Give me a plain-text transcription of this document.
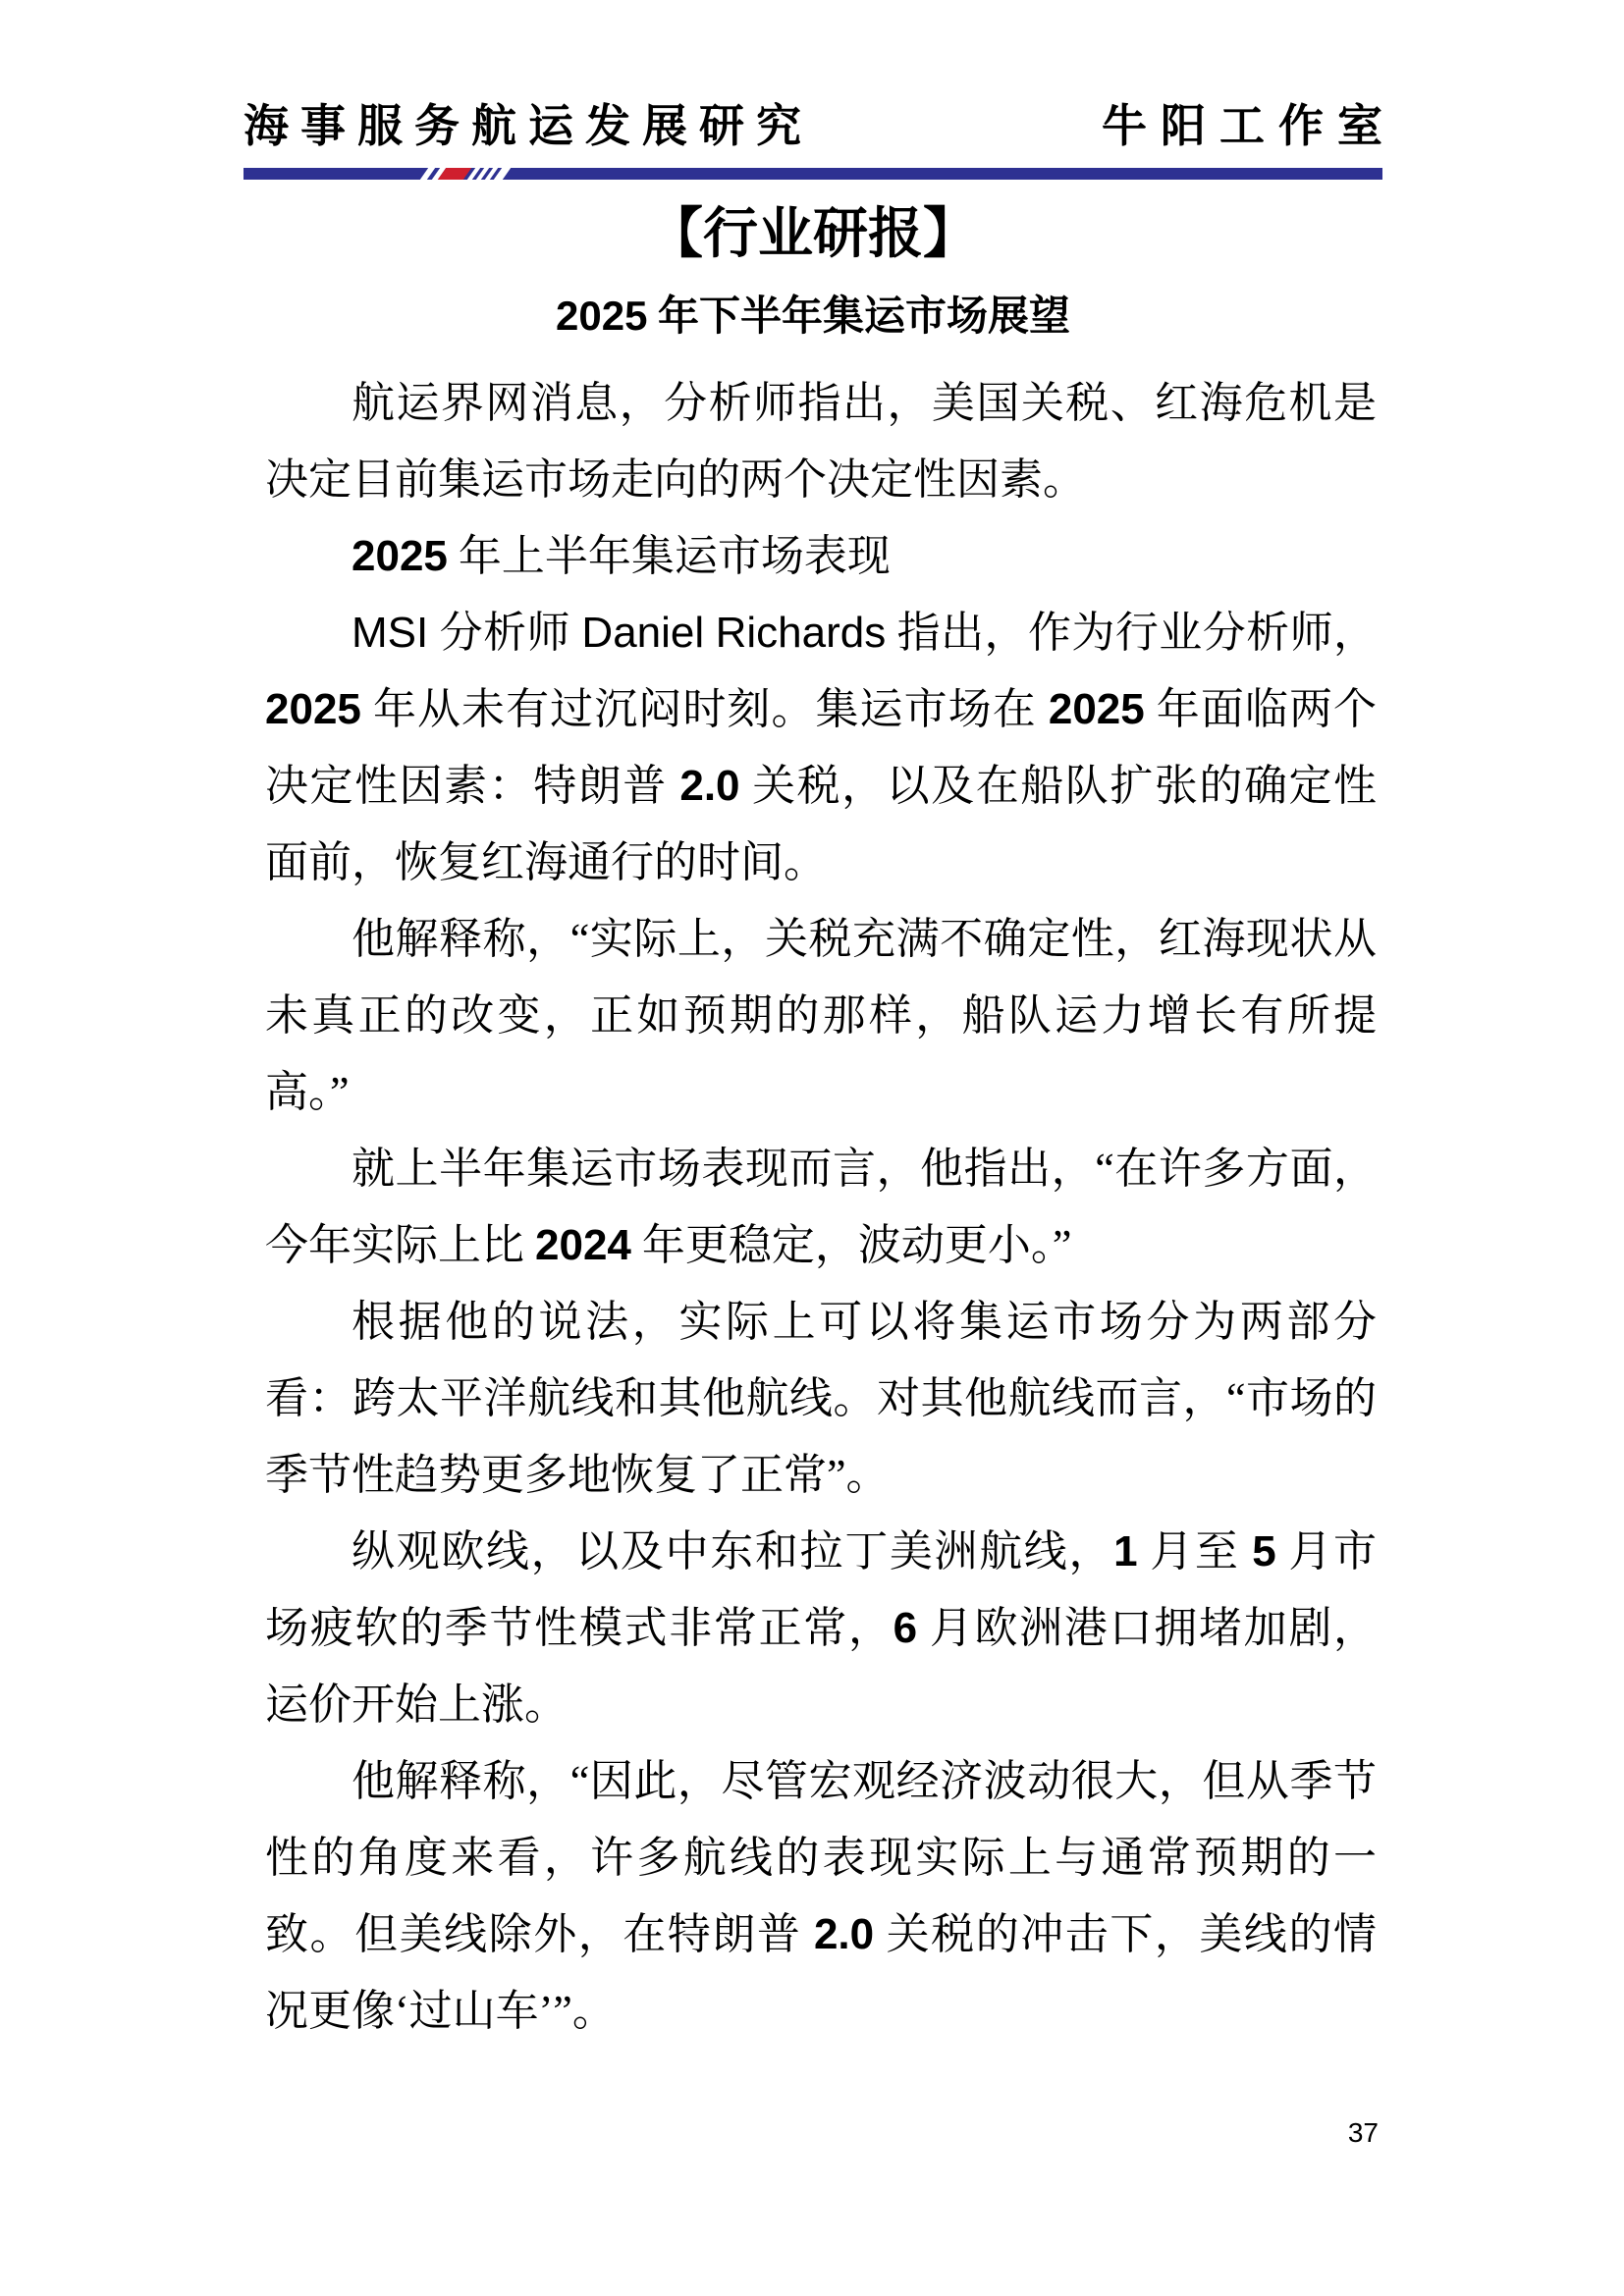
海事服务航运发展研究	牛阳工作室
【行业研报】
2025 年下半年集运市场展望

航运界网消息，分析师指出，美国关税、红海危机是决定目前集运市场走向的两个决定性因素。

2025 年上半年集运市场表现

MSI 分析师 Daniel Richards 指出，作为行业分析师，2025 年从未有过沉闷时刻。集运市场在 2025 年面临两个决定性因素：特朗普 2.0 关税，以及在船队扩张的确定性面前，恢复红海通行的时间。

他解释称，“实际上，关税充满不确定性，红海现状从未真正的改变，正如预期的那样，船队运力增长有所提高。”

就上半年集运市场表现而言，他指出，“在许多方面，今年实际上比 2024 年更稳定，波动更小。”

根据他的说法，实际上可以将集运市场分为两部分看：跨太平洋航线和其他航线。对其他航线而言，“市场的季节性趋势更多地恢复了正常”。

纵观欧线，以及中东和拉丁美洲航线，1 月至 5 月市场疲软的季节性模式非常正常，6 月欧洲港口拥堵加剧，运价开始上涨。

他解释称，“因此，尽管宏观经济波动很大，但从季节性的角度来看，许多航线的表现实际上与通常预期的一致。但美线除外，在特朗普 2.0 关税的冲击下，美线的情况更像‘过山车’”。

37
